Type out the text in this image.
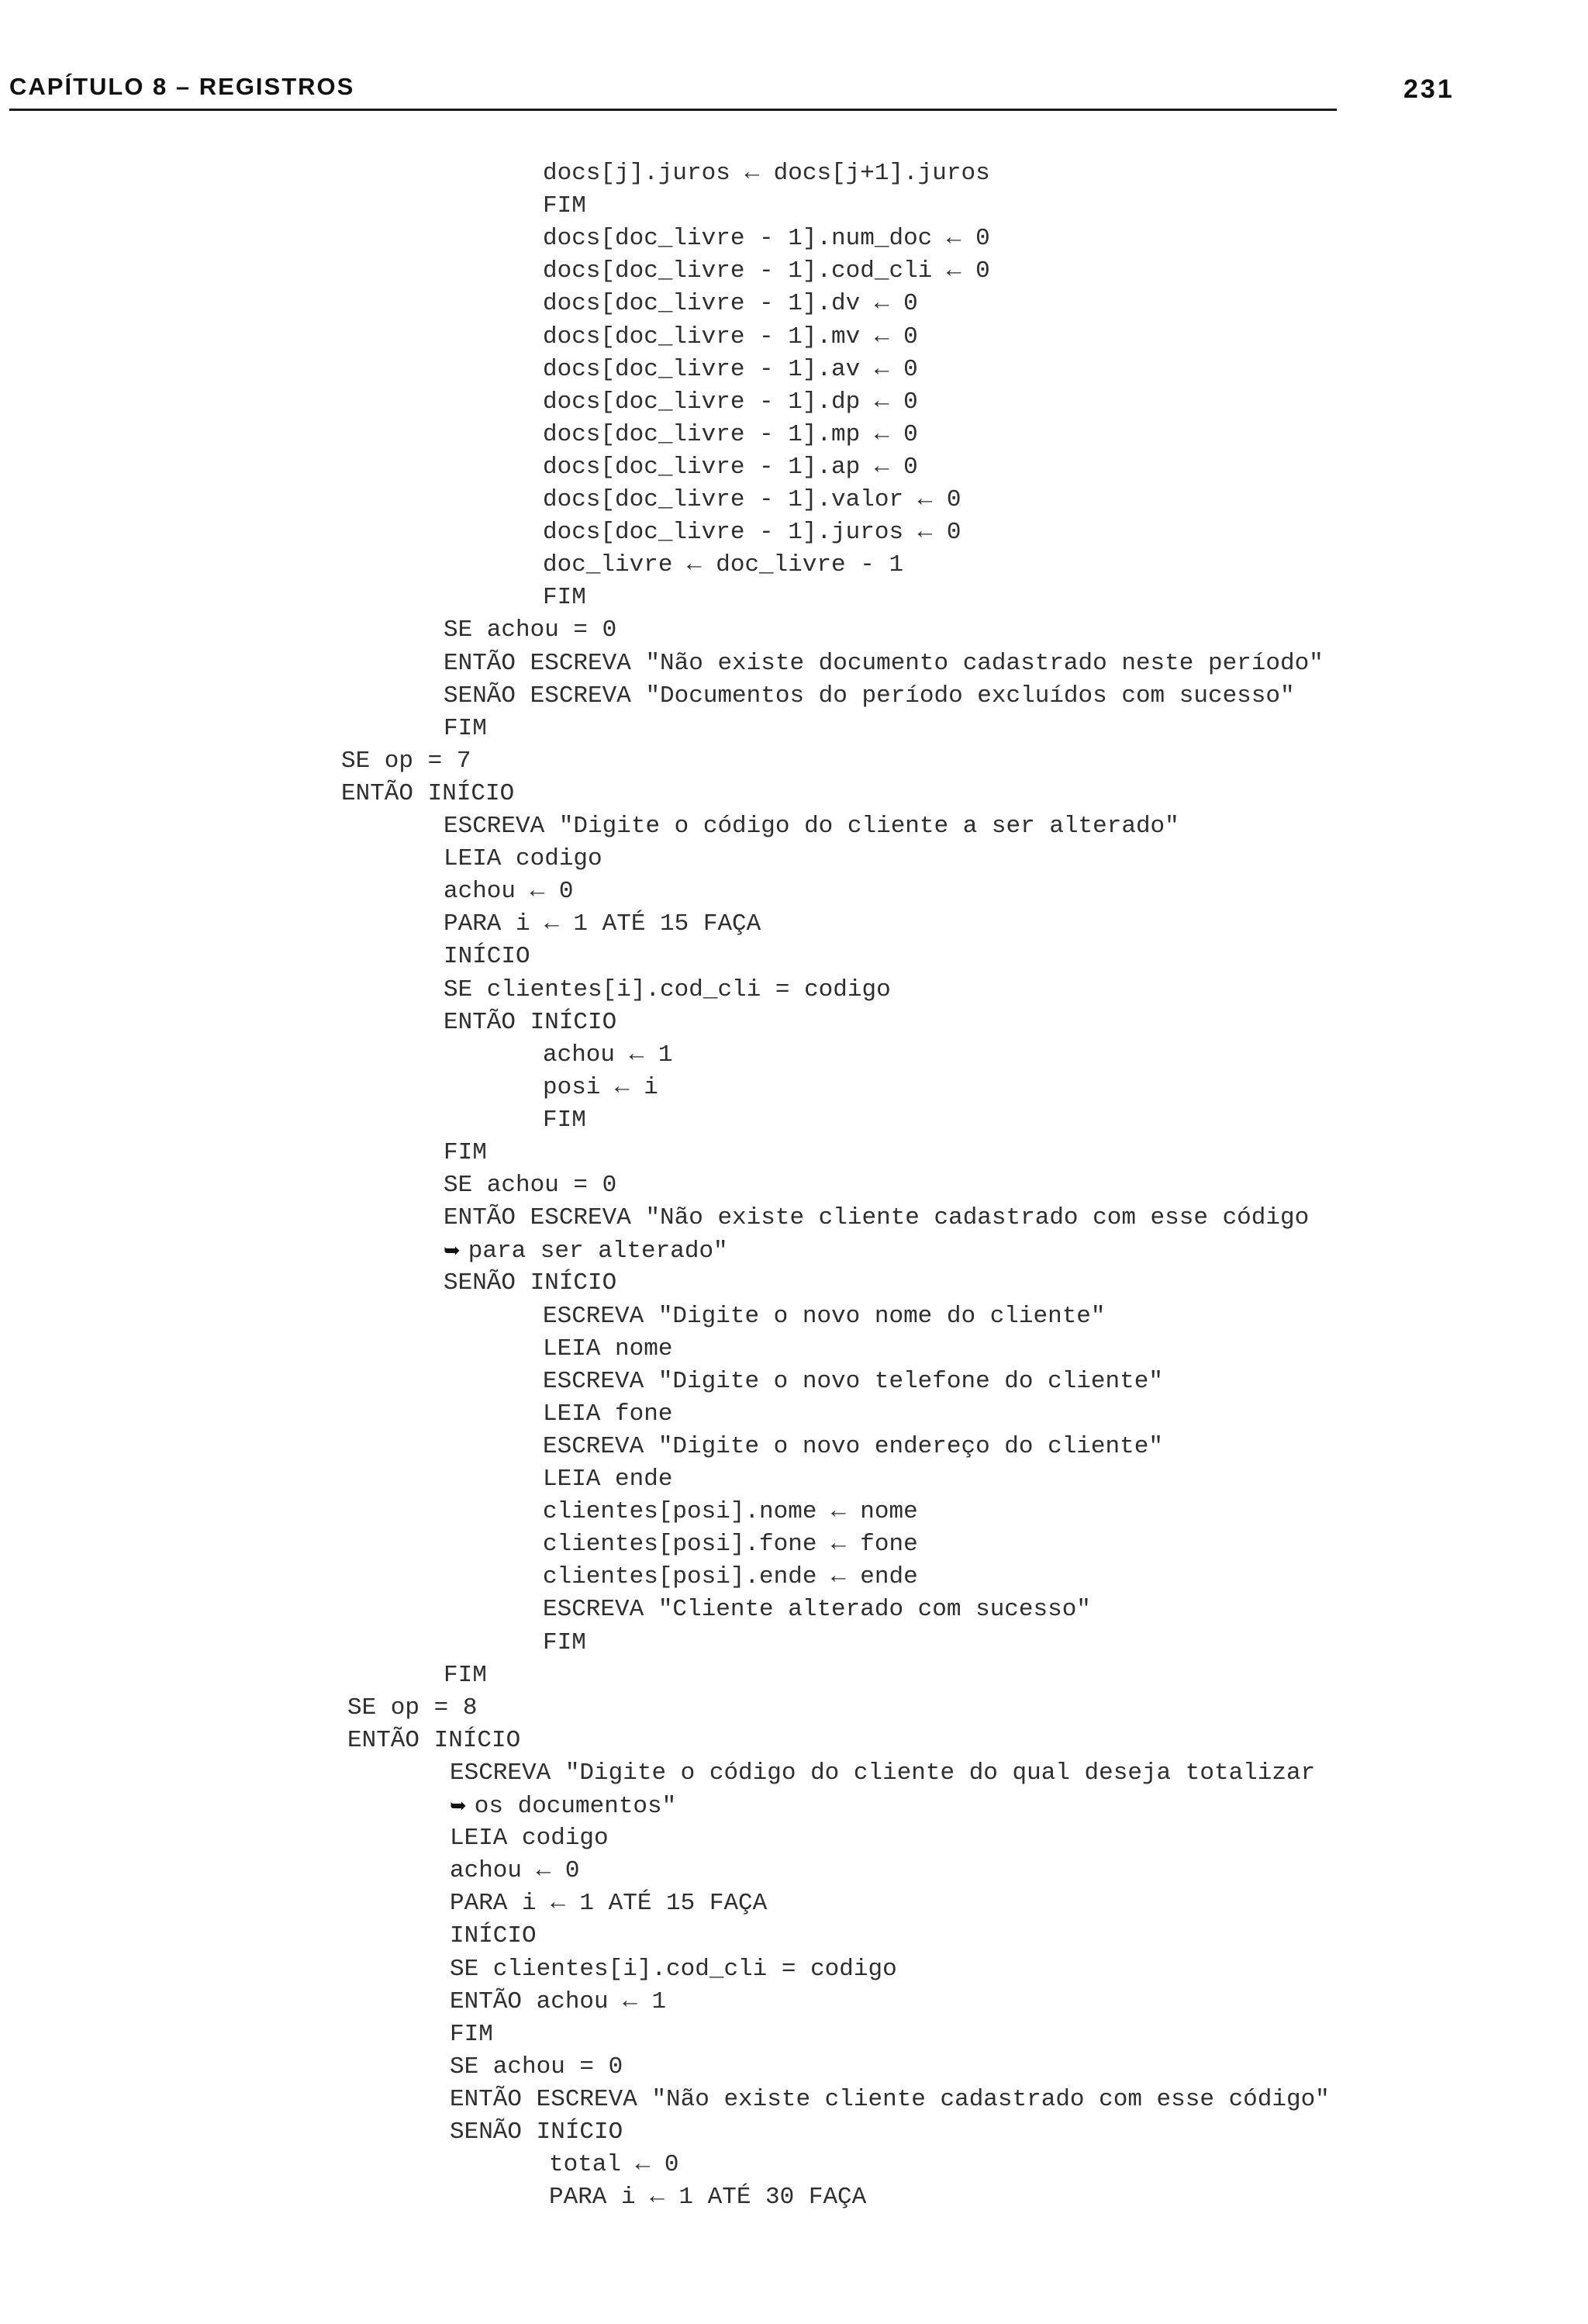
CAPÍTULO 8 – REGISTROS	231
docs[j].juros ← docs[j+1].juros
FIM
docs[doc_livre - 1].num_doc ← 0
docs[doc_livre - 1].cod_cli ← 0
docs[doc_livre - 1].dv ← 0
docs[doc_livre - 1].mv ← 0
docs[doc_livre - 1].av ← 0
docs[doc_livre - 1].dp ← 0
docs[doc_livre - 1].mp ← 0
docs[doc_livre - 1].ap ← 0
docs[doc_livre - 1].valor ← 0
docs[doc_livre - 1].juros ← 0
doc_livre ← doc_livre - 1
FIM
SE achou = 0
ENTÃO ESCREVA "Não existe documento cadastrado neste período"
SENÃO ESCREVA "Documentos do período excluídos com sucesso"
FIM
SE op = 7
ENTÃO INÍCIO
ESCREVA "Digite o código do cliente a ser alterado"
LEIA codigo
achou ← 0
PARA i ← 1 ATÉ 15 FAÇA
INÍCIO
SE clientes[i].cod_cli = codigo
ENTÃO INÍCIO
achou ← 1
posi ← i
FIM
FIM
SE achou = 0
ENTÃO ESCREVA "Não existe cliente cadastrado com esse código
➥ para ser alterado"
SENÃO INÍCIO
ESCREVA "Digite o novo nome do cliente"
LEIA nome
ESCREVA "Digite o novo telefone do cliente"
LEIA fone
ESCREVA "Digite o novo endereço do cliente"
LEIA ende
clientes[posi].nome ← nome
clientes[posi].fone ← fone
clientes[posi].ende ← ende
ESCREVA "Cliente alterado com sucesso"
FIM
FIM
SE op = 8
ENTÃO INÍCIO
ESCREVA "Digite o código do cliente do qual deseja totalizar
➥ os documentos"
LEIA codigo
achou ← 0
PARA i ← 1 ATÉ 15 FAÇA
INÍCIO
SE clientes[i].cod_cli = codigo
ENTÃO achou ← 1
FIM
SE achou = 0
ENTÃO ESCREVA "Não existe cliente cadastrado com esse código"
SENÃO INÍCIO
total ← 0
PARA i ← 1 ATÉ 30 FAÇA
